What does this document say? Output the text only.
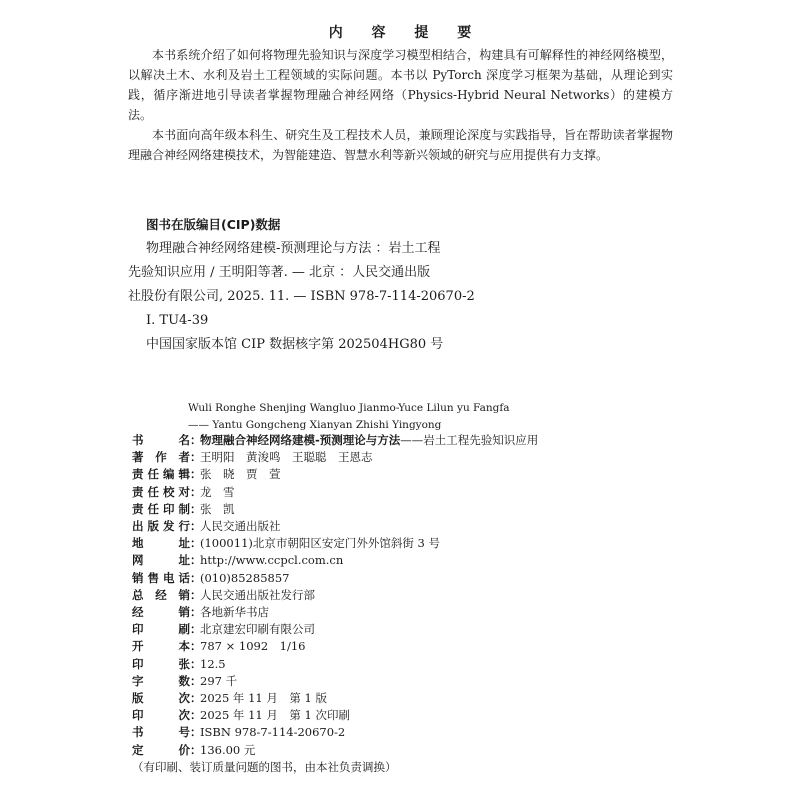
内 容 提 要

本书系统介绍了如何将物理先验知识与深度学习模型相结合，构建具有可解释性的神经网络模型，以解决土木、水利及岩土工程领域的实际问题。本书以 PyTorch 深度学习框架为基础，从理论到实践，循序渐进地引导读者掌握物理融合神经网络（Physics-Hybrid Neural Networks）的建模方法。

本书面向高年级本科生、研究生及工程技术人员，兼顾理论深度与实践指导，旨在帮助读者掌握物理融合神经网络建模技术，为智能建造、智慧水利等新兴领域的研究与应用提供有力支撑。

图书在版编目(CIP)数据
物理融合神经网络建模-预测理论与方法 ：岩土工程
先验知识应用 / 王明阳等著. — 北京 ：人民交通出版
社股份有限公司, 2025. 11. — ISBN 978-7-114-20670-2
Ⅰ. TU4-39
中国国家版本馆 CIP 数据核字第 202504HG80 号
Wuli Ronghe Shenjing Wangluo Jianmo-Yuce Lilun yu Fangfa
—— Yantu Gongcheng Xianyan Zhishi Yingyong
书	名 ：
物理融合神经网络建模-预测理论与方法 ——岩土工程先验知识应用
著 作 者 ：
王明阳　黄浚鸣　王聪聪　王恩志
责 任 编 辑 ：
张　晓　贾　萱
责 任 校 对 ：
龙　雪
责 任 印 制 ：
张　凯
出 版 发 行 ：
人民交通出版社
地	址 ：
(100011)北京市朝阳区安定门外外馆斜街 3 号
网	址 ：
http://www.ccpcl.com.cn
销 售 电 话 ：
(010)85285857
总 经 销 ：
人民交通出版社发行部
经	销 ：
各地新华书店
印	刷 ：
北京建宏印刷有限公司
开	本 ：
787 × 1092　1/16
印	张 ：
12.5
字	数 ：
297 千
版	次 ：
2025 年 11 月　第 1 版
印	次 ：
2025 年 11 月　第 1 次印刷
书	号 ：
ISBN 978-7-114-20670-2
定	价 ：
136.00 元
（有印刷、装订质量问题的图书，由本社负责调换）
